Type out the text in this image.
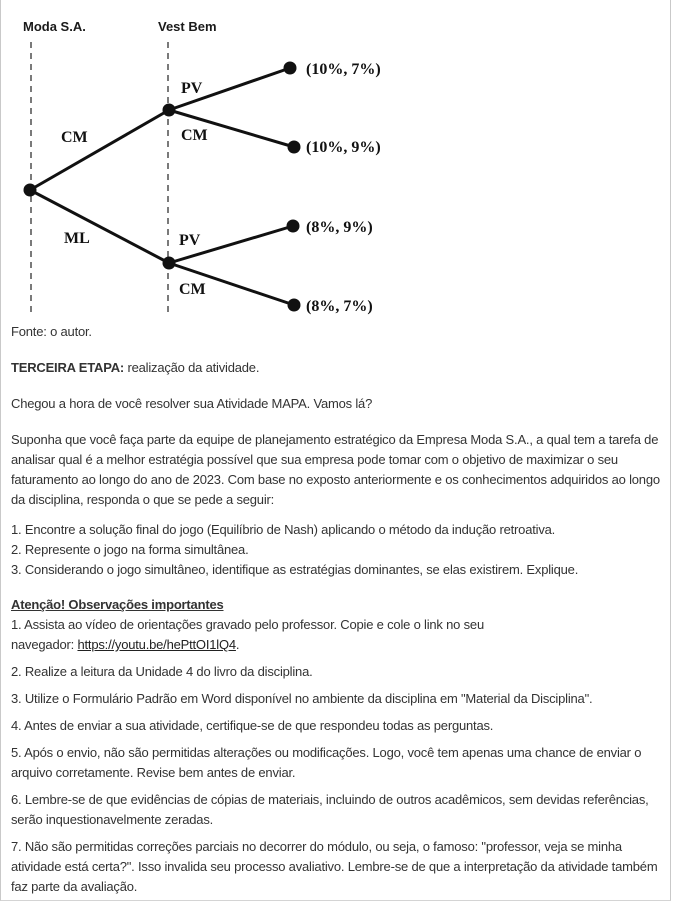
Moda S.A.	Vest Bem
CM
ML
PV
CM
PV
CM
(10%, 7%)
(10%, 9%)
(8%, 9%)
(8%, 7%)

Fonte: o autor.

TERCEIRA ETAPA: realização da atividade.

Chegou a hora de você resolver sua Atividade MAPA. Vamos lá?

Suponha que você faça parte da equipe de planejamento estratégico da Empresa Moda S.A., a qual tem a tarefa de analisar qual é a melhor estratégia possível que sua empresa pode tomar com o objetivo de maximizar o seu faturamento ao longo do ano de 2023. Com base no exposto anteriormente e os conhecimentos adquiridos ao longo da disciplina, responda o que se pede a seguir:

1. Encontre a solução final do jogo (Equilíbrio de Nash) aplicando o método da indução retroativa.

2. Represente o jogo na forma simultânea.

3. Considerando o jogo simultâneo, identifique as estratégias dominantes, se elas existirem. Explique.

Atenção! Observações importantes

1. Assista ao vídeo de orientações gravado pelo professor. Copie e cole o link no seu
navegador: https://youtu.be/hePttOI1lQ4.

2. Realize a leitura da Unidade 4 do livro da disciplina.

3. Utilize o Formulário Padrão em Word disponível no ambiente da disciplina em "Material da Disciplina".

4. Antes de enviar a sua atividade, certifique-se de que respondeu todas as perguntas.

5. Após o envio, não são permitidas alterações ou modificações. Logo, você tem apenas uma chance de enviar o arquivo corretamente. Revise bem antes de enviar.

6. Lembre-se de que evidências de cópias de materiais, incluindo de outros acadêmicos, sem devidas referências, serão inquestionavelmente zeradas.

7. Não são permitidas correções parciais no decorrer do módulo, ou seja, o famoso: "professor, veja se minha atividade está certa?". Isso invalida seu processo avaliativo. Lembre-se de que a interpretação da atividade também faz parte da avaliação.
